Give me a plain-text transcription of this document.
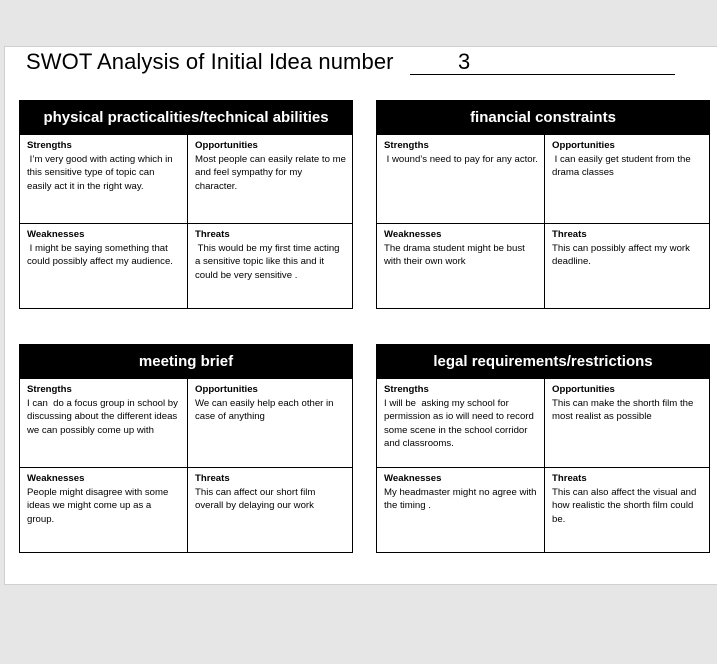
SWOT Analysis of Initial Idea number	3
physical practicalities/technical abilities
Strengths
I’m very good with acting which in this sensitive type of topic can easily act it in the right way.
Opportunities
Most people can easily relate to me and feel sympathy for my character.
Weaknesses
I might be saying something that could possibly affect my audience.
Threats
This would be my first time acting a sensitive topic like this and it could be very sensitive .
financial constraints
Strengths
I wound’s need to pay for any actor.
Opportunities
I can easily get student from the drama classes
Weaknesses
The drama student might be bust with their own work
Threats
This can possibly affect my work deadline.
meeting brief
Strengths
I can  do a focus group in school by discussing about the different ideas we can possibly come up with
Opportunities
We can easily help each other in case of anything
Weaknesses
People might disagree with some ideas we might come up as a group.
Threats
This can affect our short film overall by delaying our work
legal requirements/restrictions
Strengths
I will be  asking my school for permission as io will need to record some scene in the school corridor and classrooms.
Opportunities
This can make the shorth film the most realist as possible
Weaknesses
My headmaster might no agree with the timing .
Threats
This can also affect the visual and how realistic the shorth film could be.
